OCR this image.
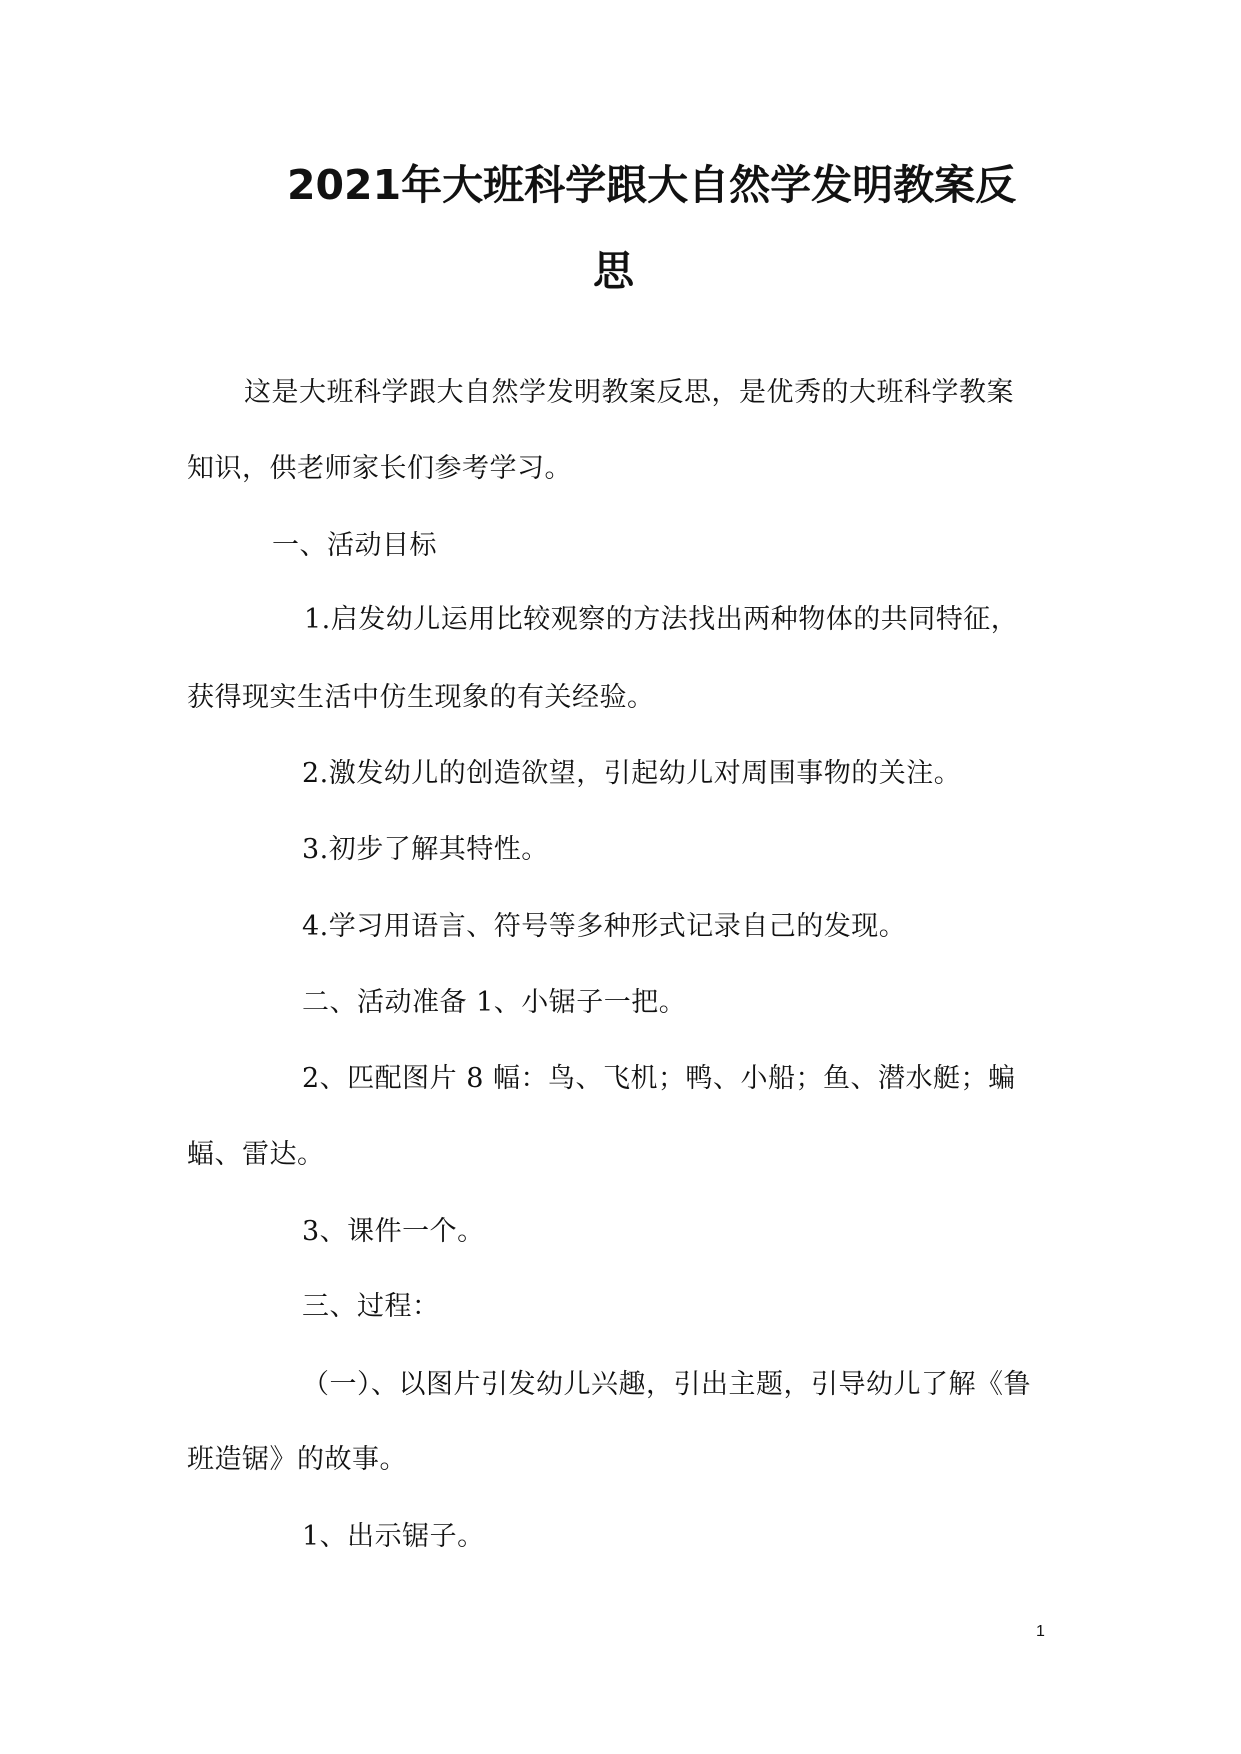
2021年大班科学跟大自然学发明教案反
思
这是大班科学跟大自然学发明教案反思，是优秀的大班科学教案
知识，供老师家长们参考学习。
一、活动目标
1.启发幼儿运用比较观察的方法找出两种物体的共同特征，
获得现实生活中仿生现象的有关经验。
2.激发幼儿的创造欲望，引起幼儿对周围事物的关注。
3.初步了解其特性。
4.学习用语言、符号等多种形式记录自己的发现。
二、活动准备 1、小锯子一把。
2、匹配图片 8 幅：鸟、飞机；鸭、小船；鱼、潜水艇；蝙
蝠、雷达。
3、课件一个。
三、过程：
（一）、以图片引发幼儿兴趣，引出主题，引导幼儿了解《鲁
班造锯》的故事。
1、出示锯子。
1
